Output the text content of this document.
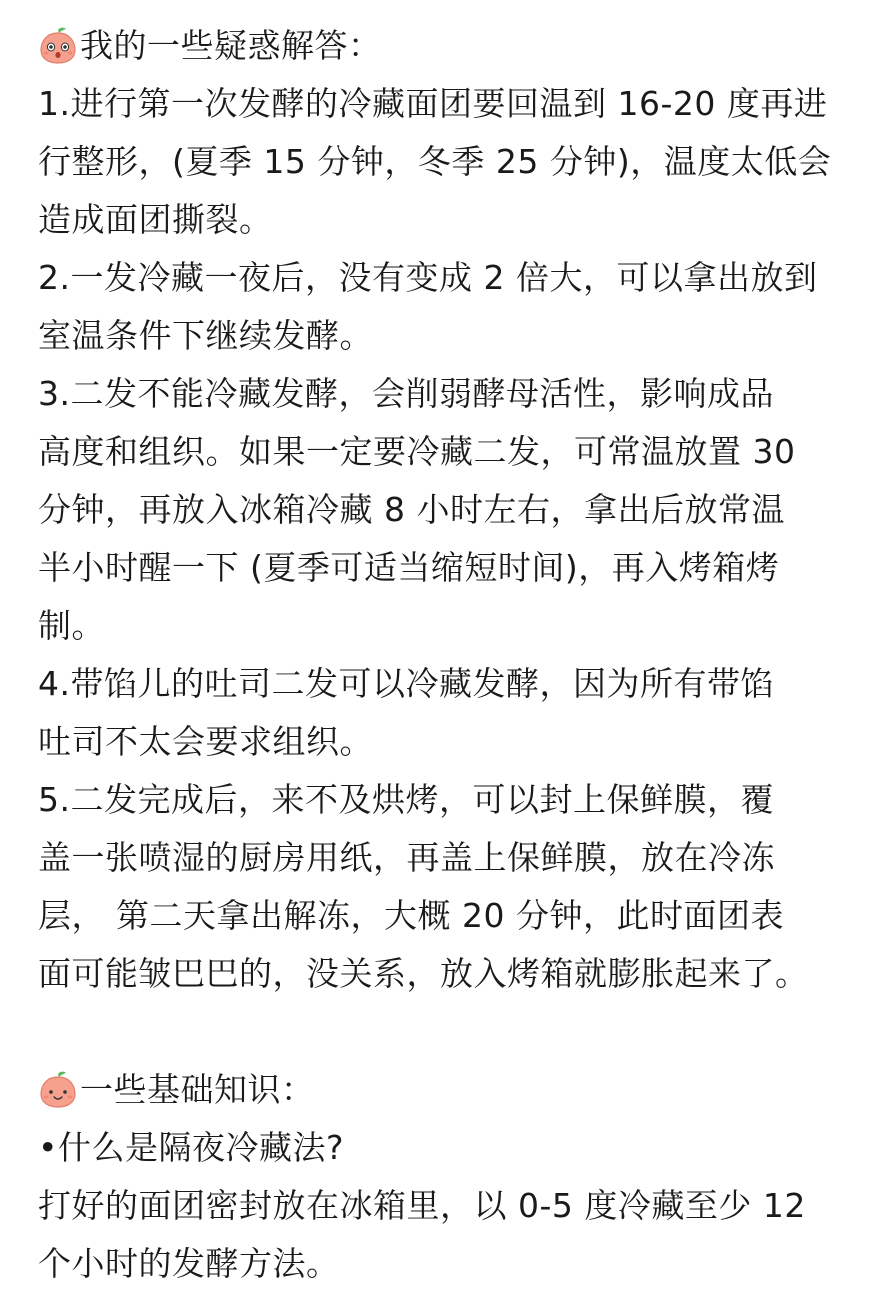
我的一些疑惑解答：
1.进行第一次发酵的冷藏面团要回温到 16-20 度再进
行整形，(夏季 15 分钟，冬季 25 分钟)，温度太低会
造成面团撕裂。
2.一发冷藏一夜后，没有变成 2 倍大，可以拿出放到
室温条件下继续发酵。
3.二发不能冷藏发酵，会削弱酵母活性，影响成品
高度和组织。如果一定要冷藏二发，可常温放置 30
分钟，再放入冰箱冷藏 8 小时左右，拿出后放常温
半小时醒一下 (夏季可适当缩短时间)，再入烤箱烤
制。
4.带馅儿的吐司二发可以冷藏发酵，因为所有带馅
吐司不太会要求组织。
5.二发完成后，来不及烘烤，可以封上保鲜膜，覆
盖一张喷湿的厨房用纸，再盖上保鲜膜，放在冷冻
层， 第二天拿出解冻，大概 20 分钟，此时面团表
面可能皱巴巴的，没关系，放入烤箱就膨胀起来了。
一些基础知识：
•什么是隔夜冷藏法?
打好的面团密封放在冰箱里，以 0-5 度冷藏至少 12
个小时的发酵方法。
